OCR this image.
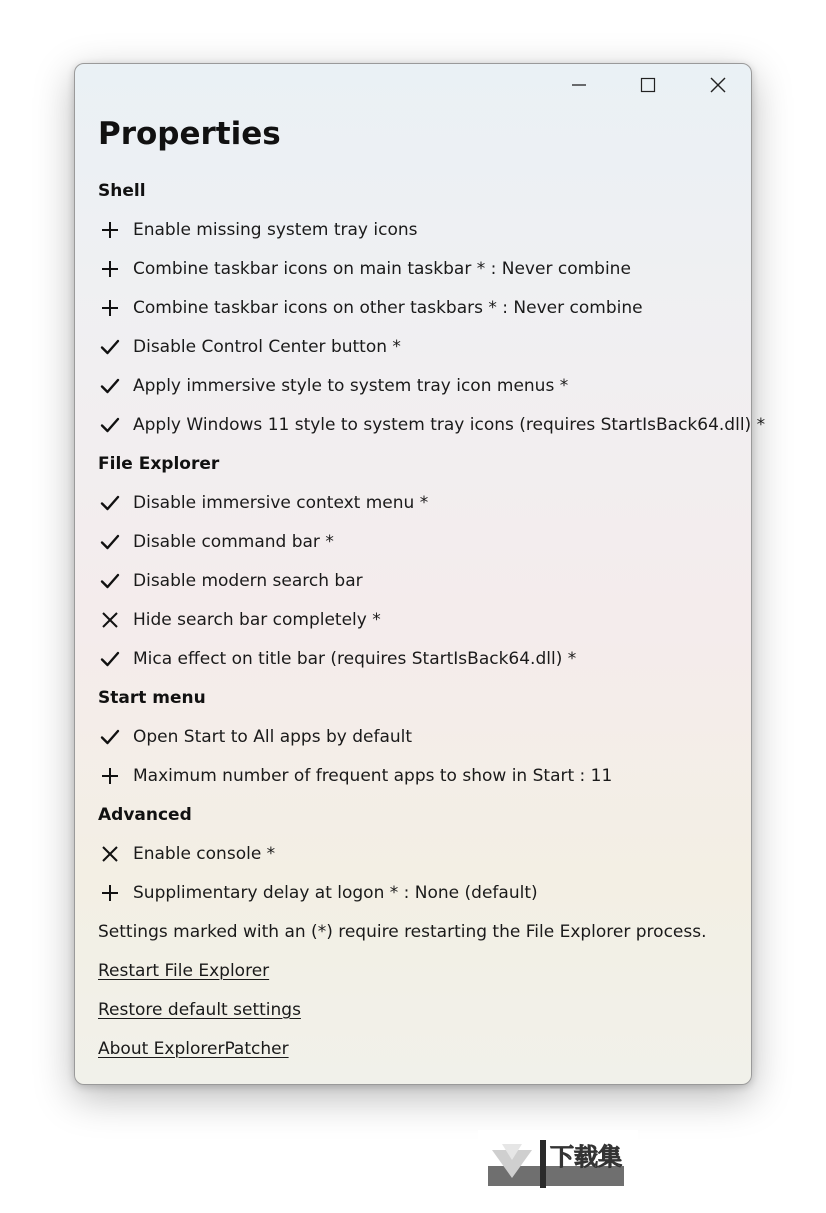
Properties
Shell
Enable missing system tray icons
Combine taskbar icons on main taskbar * : Never combine
Combine taskbar icons on other taskbars * : Never combine
Disable Control Center button *
Apply immersive style to system tray icon menus *
Apply Windows 11 style to system tray icons (requires StartIsBack64.dll) *
File Explorer
Disable immersive context menu *
Disable command bar *
Disable modern search bar
Hide search bar completely *
Mica effect on title bar (requires StartIsBack64.dll) *
Start menu
Open Start to All apps by default
Maximum number of frequent apps to show in Start : 11
Advanced
Enable console *
Supplimentary delay at logon * : None (default)
Settings marked with an (*) require restarting the File Explorer process.
Restart File Explorer
Restore default settings
About ExplorerPatcher
下载集
